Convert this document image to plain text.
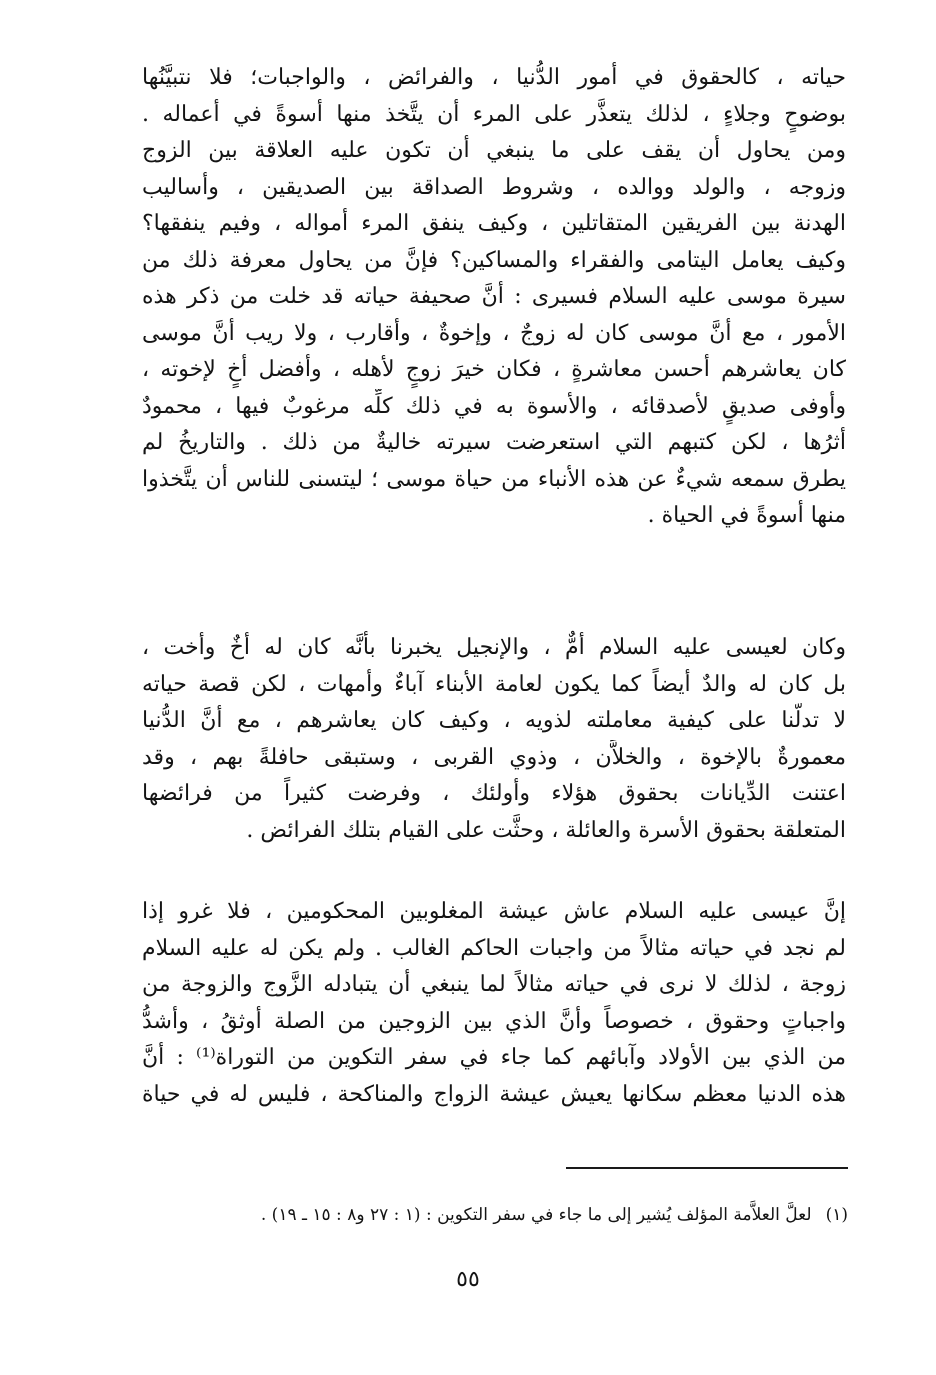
حياته ، كالحقوق في أمور الدُّنيا ، والفرائض ، والواجبات؛ فلا نتبيَّنُها
بوضوحٍ وجلاءٍ ، لذلك يتعذَّر على المرء أن يتَّخذ منها أسوةً في أعماله .
ومن يحاول أن يقف على ما ينبغي أن تكون عليه العلاقة بين الزوج
وزوجه ، والولد ووالده ، وشروط الصداقة بين الصديقين ، وأساليب
الهدنة بين الفريقين المتقاتلين ، وكيف ينفق المرء أمواله ، وفيم ينفقها؟
وكيف يعامل اليتامى والفقراء والمساكين؟ فإنَّ من يحاول معرفة ذلك من
سيرة موسى عليه السلام فسيرى : أنَّ صحيفة حياته قد خلت من ذكر هذه
الأمور ، مع أنَّ موسى كان له زوجٌ ، وإخوةٌ ، وأقارب ، ولا ريب أنَّ موسى
كان يعاشرهم أحسن معاشرةٍ ، فكان خيرَ زوجٍ لأهله ، وأفضل أخٍ لإخوته ،
وأوفى صديقٍ لأصدقائه ، والأسوة به في ذلك كلِّه مرغوبٌ فيها ، محمودٌ
أثرُها ، لكن كتبهم التي استعرضت سيرته خاليةٌ من ذلك . والتاريخُ لم
يطرق سمعه شيءٌ عن هذه الأنباء من حياة موسى ؛ ليتسنى للناس أن يتَّخذوا
منها أسوةً في الحياة .
وكان لعيسى عليه السلام أمٌّ ، والإنجيل يخبرنا بأنَّه كان له أخٌ وأخت ،
بل كان له والدٌ أيضاً كما يكون لعامة الأبناء آباءٌ وأمهات ، لكن قصة حياته
لا تدلُّنا على كيفية معاملته لذويه ، وكيف كان يعاشرهم ، مع أنَّ الدُّنيا
معمورةٌ بالإخوة ، والخلاَّن ، وذوي القربى ، وستبقى حافلةً بهم ، وقد
اعتنت الدِّيانات بحقوق هؤلاء وأولئك ، وفرضت كثيراً من فرائضها
المتعلقة بحقوق الأسرة والعائلة ، وحثَّت على القيام بتلك الفرائض .
إنَّ عيسى عليه السلام عاش عيشة المغلوبين المحكومين ، فلا غرو إذا
لم نجد في حياته مثالاً من واجبات الحاكم الغالب . ولم يكن له عليه السلام
زوجة ، لذلك لا نرى في حياته مثالاً لما ينبغي أن يتبادله الزَّوج والزوجة من
واجباتٍ وحقوق ، خصوصاً وأنَّ الذي بين الزوجين من الصلة أوثقُ ، وأشدُّ
من الذي بين الأولاد وآبائهم كما جاء في سفر التكوين من التوراة⁽¹⁾ : أنَّ
هذه الدنيا معظم سكانها يعيش عيشة الزواج والمناكحة ، فليس له في حياة
(١)لعلَّ العلاَّمة المؤلف يُشير إلى ما جاء في سفر التكوين : (١ : ٢٧ و٨ : ١٥ ـ ١٩) .
٥٥
